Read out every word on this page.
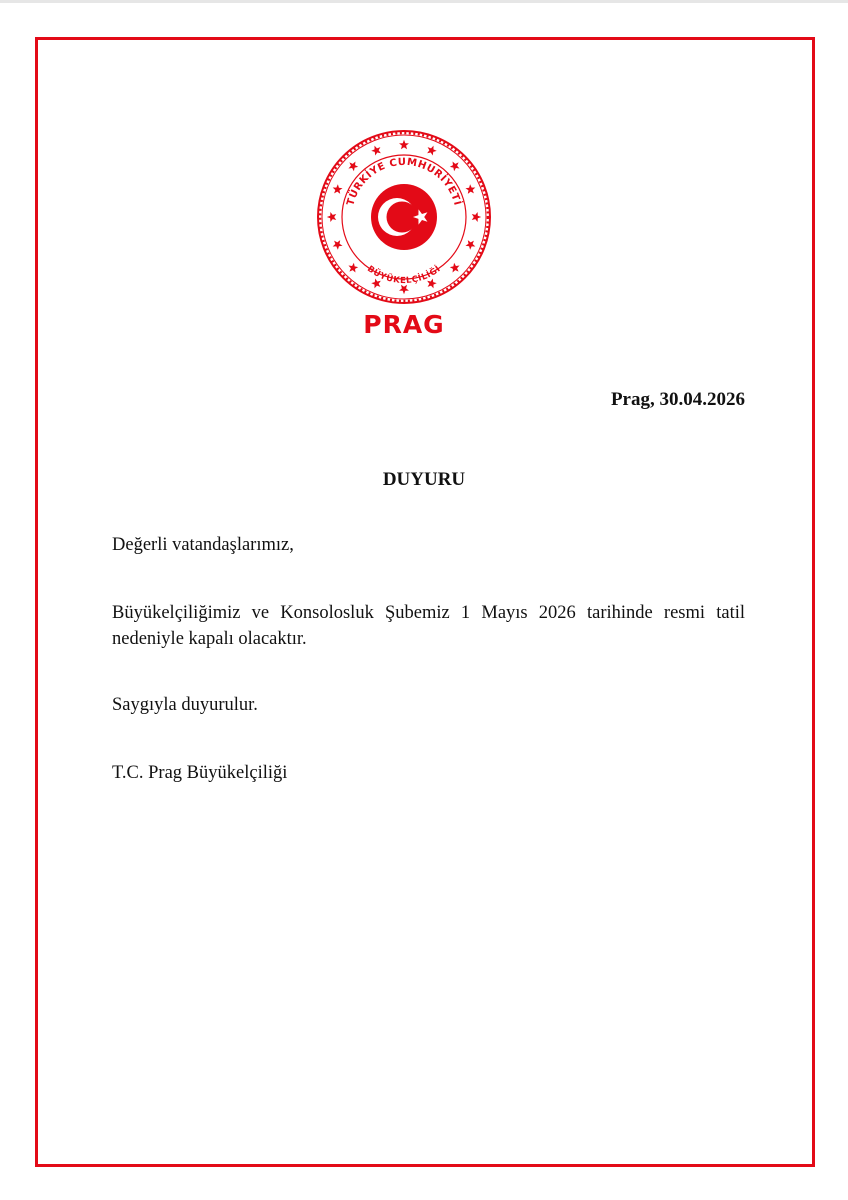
TÜRKİYE CUMHURİYETİ
BÜYÜKELÇİLİĞİ
PRAG
Prag, 30.04.2026
DUYURU
Değerli vatandaşlarımız,
Büyükelçiliğimiz ve Konsolosluk Şubemiz 1 Mayıs 2026 tarihinde resmi tatil nedeniyle kapalı olacaktır.
Saygıyla duyurulur.
T.C. Prag Büyükelçiliği
